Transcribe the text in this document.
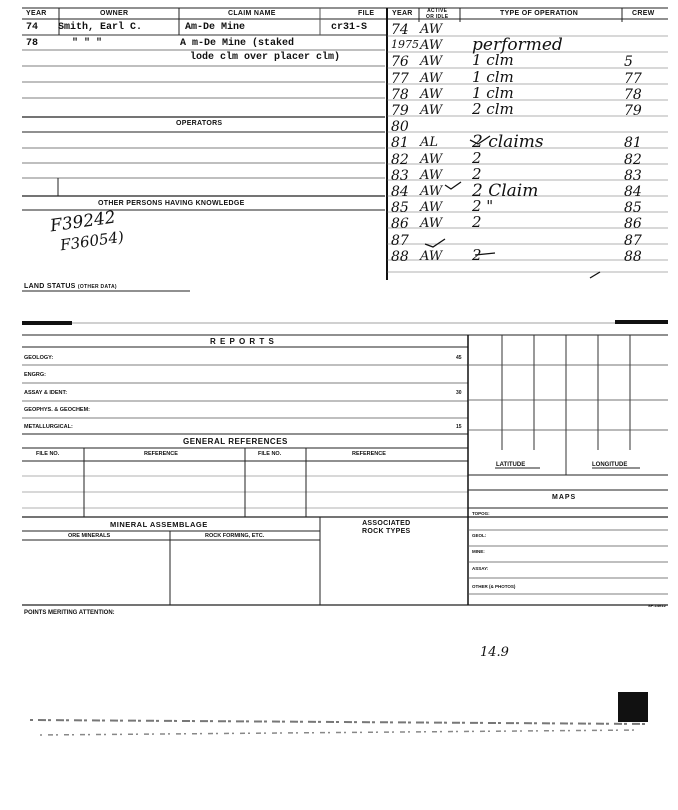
YEAR	OWNER	CLAIM NAME	FILE	YEAR	ACTIVE
OR IDLE	TYPE OF OPERATION	CREW
74 Smith, Earl C.	Am-De Mine	cr31-S
78	" " "	A m-De Mine (staked
lode clm over placer clm)
OPERATORS
OTHER PERSONS HAVING KNOWLEDGE
F39242
F36054)
74 AW
1975 AW performed
76 AW 1 clm	5
77 AW 1 clm	77
78 AW 1 clm	78
79 AW 2 clm	79
80
81 AL 2 claims	81
82 AW 2	82
83 AW 2	83
84 AW 2 Claim	84
85 AW 2 "	85
86 AW 2	86
87	87
88 AW 2	88
LAND STATUS (OTHER DATA)
R E P O R T S
GEOLOGY:	45
ENGRG:
ASSAY & IDENT:	30
GEOPHYS. & GEOCHEM:
METALLURGICAL:	15
GENERAL REFERENCES
FILE NO.	REFERENCE	FILE NO.	REFERENCE
LATITUDE	LONGITUDE
MAPS
TOPOG:
GEOL:
MINE:
ASSAY:
OTHER (& PHOTOS)
MINERAL ASSEMBLAGE
ORE MINERALS	ROCK FORMING, ETC.
ASSOCIATED
ROCK TYPES
POINTS MERITING ATTENTION:
SP-14612
14.9
